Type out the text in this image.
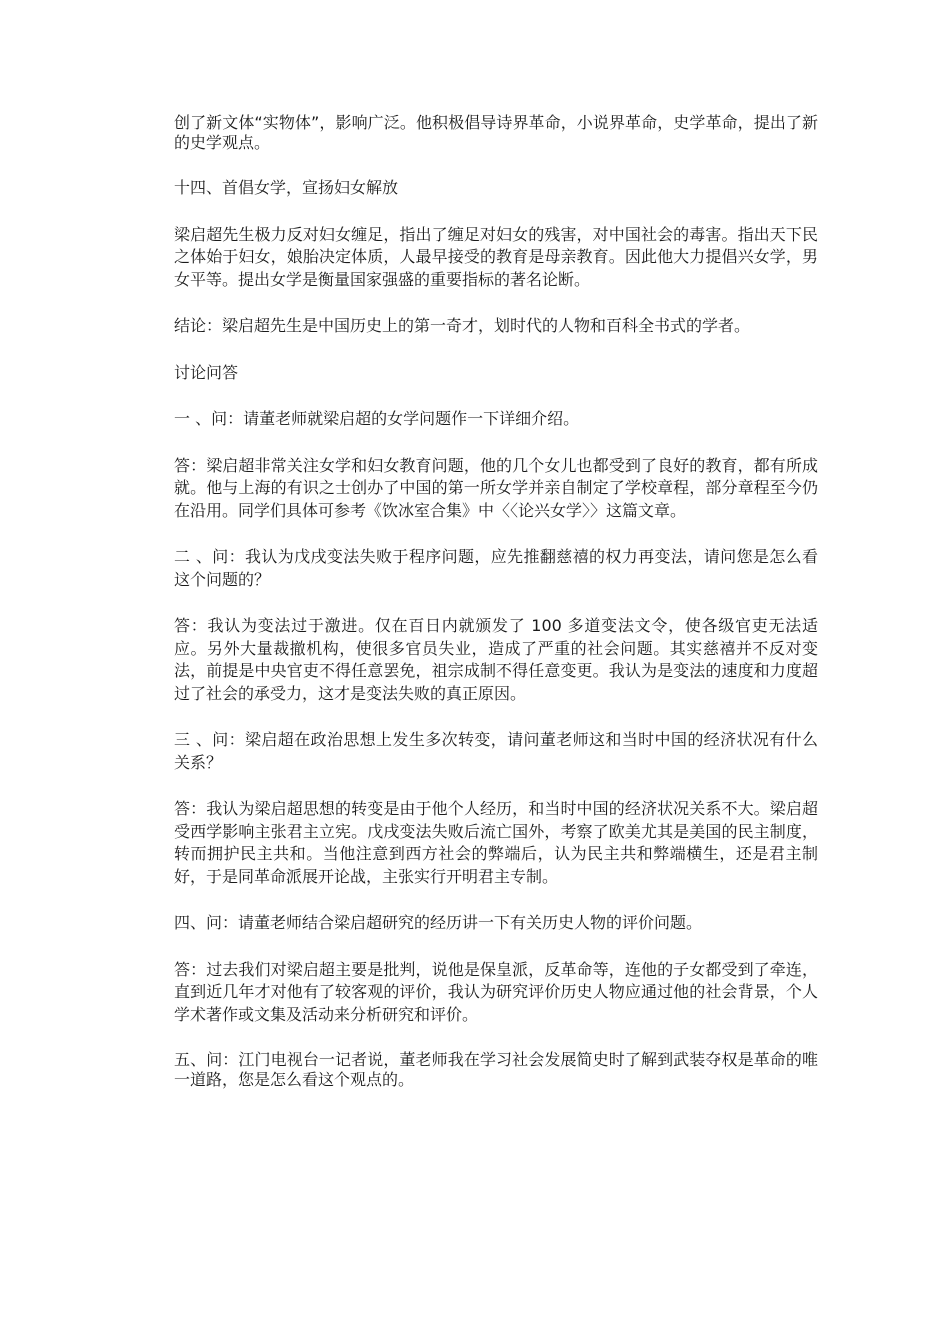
创了新文体“实物体”，影响广泛。他积极倡导诗界革命，小说界革命，史学革命，提出了新的史学观点。

十四、首倡女学，宣扬妇女解放

梁启超先生极力反对妇女缠足，指出了缠足对妇女的残害，对中国社会的毒害。指出天下民之体始于妇女，娘胎决定体质，人最早接受的教育是母亲教育。因此他大力提倡兴女学，男女平等。提出女学是衡量国家强盛的重要指标的著名论断。

结论：梁启超先生是中国历史上的第一奇才，划时代的人物和百科全书式的学者。

讨论问答

一 、问：请董老师就梁启超的女学问题作一下详细介绍。

答：梁启超非常关注女学和妇女教育问题，他的几个女儿也都受到了良好的教育，都有所成就。他与上海的有识之士创办了中国的第一所女学并亲自制定了学校章程，部分章程至今仍在沿用。同学们具体可参考《饮冰室合集》中〈〈论兴女学〉〉这篇文章。

二 、问：我认为戊戌变法失败于程序问题，应先推翻慈禧的权力再变法，请问您是怎么看这个问题的？

答：我认为变法过于激进。仅在百日内就颁发了 100 多道变法文令，使各级官吏无法适应。另外大量裁撤机构，使很多官员失业，造成了严重的社会问题。其实慈禧并不反对变法，前提是中央官吏不得任意罢免，祖宗成制不得任意变更。我认为是变法的速度和力度超过了社会的承受力，这才是变法失败的真正原因。

三 、问：梁启超在政治思想上发生多次转变，请问董老师这和当时中国的经济状况有什么关系？

答：我认为梁启超思想的转变是由于他个人经历，和当时中国的经济状况关系不大。梁启超受西学影响主张君主立宪。戊戌变法失败后流亡国外，考察了欧美尤其是美国的民主制度，转而拥护民主共和。当他注意到西方社会的弊端后，认为民主共和弊端横生，还是君主制好，于是同革命派展开论战，主张实行开明君主专制。

四、问：请董老师结合梁启超研究的经历讲一下有关历史人物的评价问题。

答：过去我们对梁启超主要是批判，说他是保皇派，反革命等，连他的子女都受到了牵连，直到近几年才对他有了较客观的评价，我认为研究评价历史人物应通过他的社会背景，个人学术著作或文集及活动来分析研究和评价。

五、问：江门电视台一记者说，董老师我在学习社会发展简史时了解到武装夺权是革命的唯一道路，您是怎么看这个观点的。
